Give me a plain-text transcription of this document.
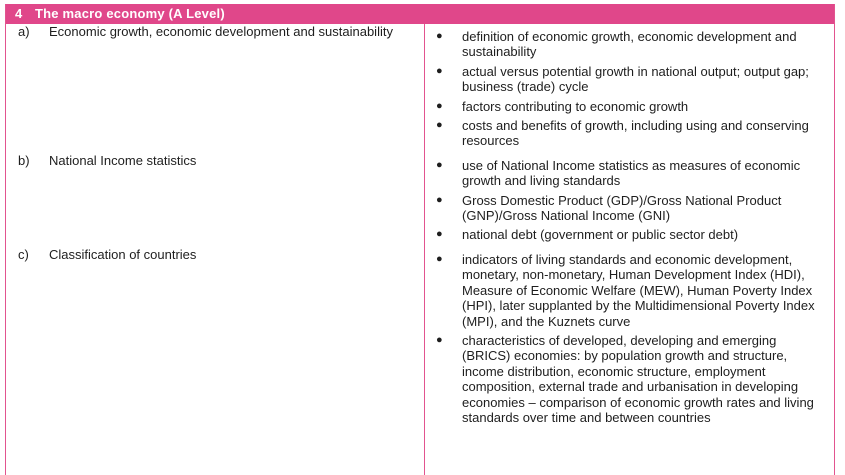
4 The macro economy (A Level)
a) Economic growth, economic development and sustainability	● definition of economic growth, economic development and sustainability
● actual versus potential growth in national output; output gap; business (trade) cycle
● factors contributing to economic growth
● costs and benefits of growth, including using and conserving resources
b) National Income statistics	● use of National Income statistics as measures of economic growth and living standards
● Gross Domestic Product (GDP)/Gross National Product (GNP)/Gross National Income (GNI)
● national debt (government or public sector debt)
c) Classification of countries	● indicators of living standards and economic development, monetary, non-monetary, Human Development Index (HDI), Measure of Economic Welfare (MEW), Human Poverty Index (HPI), later supplanted by the Multidimensional Poverty Index (MPI), and the Kuznets curve
● characteristics of developed, developing and emerging (BRICS) economies: by population growth and structure, income distribution, economic structure, employment composition, external trade and urbanisation in developing economies – comparison of economic growth rates and living standards over time and between countries
